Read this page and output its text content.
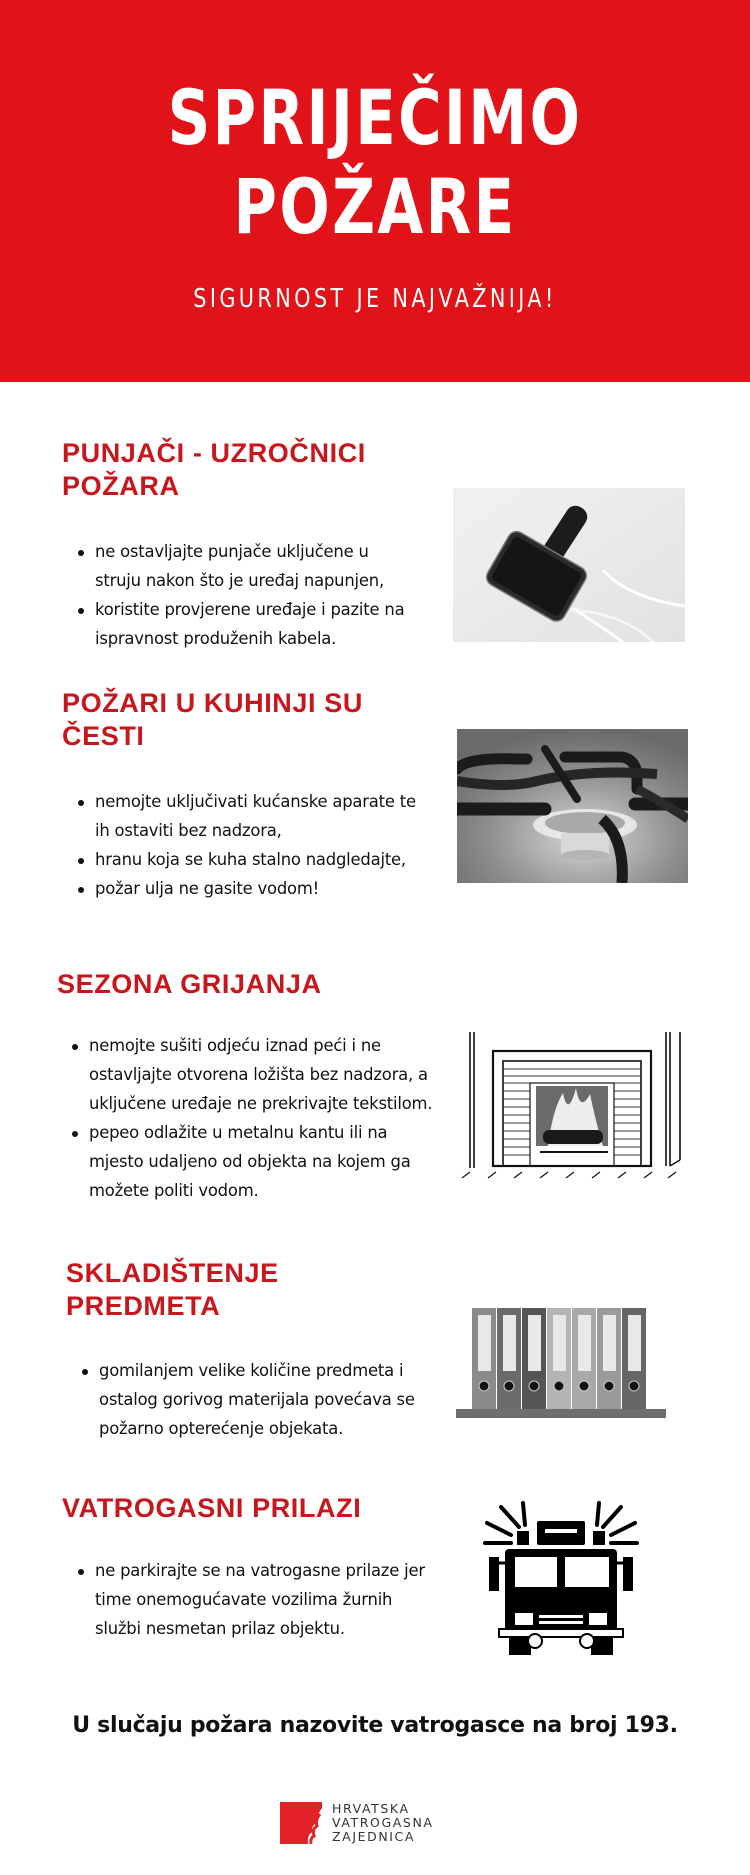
SPRIJEČIMO
POŽARE
SIGURNOST JE NAJVAŽNIJA!
PUNJAČI - UZROČNICI
POŽARA
ne ostavljajte punjače uključene u
struju nakon što je uređaj napunjen,
koristite provjerene uređaje i pazite na
ispravnost produženih kabela.
POŽARI U KUHINJI SU
ČESTI
nemojte uključivati kućanske aparate te
ih ostaviti bez nadzora,
hranu koja se kuha stalno nadgledajte,
požar ulja ne gasite vodom!
SEZONA GRIJANJA
nemojte sušiti odjeću iznad peći i ne
ostavljajte otvorena ložišta bez nadzora, a
uključene uređaje ne prekrivajte tekstilom.
pepeo odlažite u metalnu kantu ili na
mjesto udaljeno od objekta na kojem ga
možete politi vodom.
SKLADIŠTENJE
PREDMETA
gomilanjem velike količine predmeta i
ostalog gorivog materijala povećava se
požarno opterećenje objekata.
VATROGASNI PRILAZI
ne parkirajte se na vatrogasne prilaze jer
time onemogućavate vozilima žurnih
službi nesmetan prilaz objektu.
U slučaju požara nazovite vatrogasce na broj 193.
HRVATSKA
VATROGASNA
ZAJEDNICA
